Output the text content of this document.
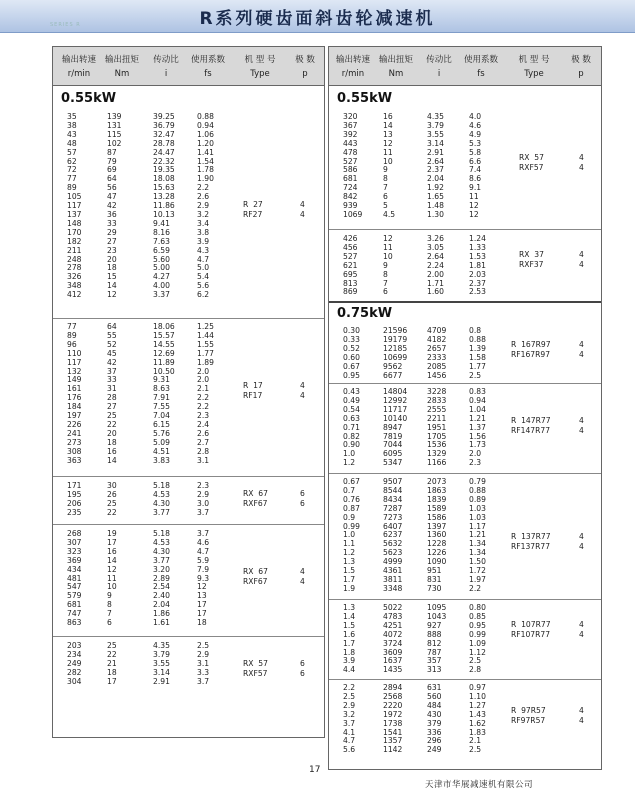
R系列硬齿面斜齿轮减速机
SERIES R
输出转速
r/min
输出扭矩
Nm
传动比
i
使用系数
fs
机 型 号
Type
极 数
p
0.55kW
35
38
43
48
57
62
72
77
89
105
117
137
148
170
182
211
248
278
326
348
412
139
131
115
102
87
79
69
64
56
47
42
36
33
29
27
23
20
18
15
14
12
39.25
36.79
32.47
28.78
24.47
22.32
19.35
18.08
15.63
13.28
11.86
10.13
9.41
8.16
7.63
6.59
5.60
5.00
4.27
4.00
3.37
0.88
0.94
1.06
1.20
1.41
1.54
1.78
1.90
2.2
2.6
2.9
3.2
3.4
3.8
3.9
4.3
4.7
5.0
5.4
5.6
6.2
R  27
RF27
4
4
77
89
96
110
117
132
149
161
176
184
197
226
241
273
308
363
64
55
52
45
42
37
33
31
28
27
25
22
20
18
16
14
18.06
15.57
14.55
12.69
11.89
10.50
9.31
8.63
7.91
7.55
7.04
6.15
5.76
5.09
4.51
3.83
1.25
1.44
1.55
1.77
1.89
2.0
2.0
2.1
2.2
2.2
2.3
2.4
2.6
2.7
2.8
3.1
R  17
RF17
4
4
171
195
206
235
30
26
25
22
5.18
4.53
4.30
3.77
2.3
2.9
3.0
3.7
RX  67
RXF67
6
6
268
307
323
369
434
481
547
579
681
747
863
19
17
16
14
12
11
10
9
8
7
6
5.18
4.53
4.30
3.77
3.20
2.89
2.54
2.40
2.04
1.86
1.61
3.7
4.6
4.7
5.9
7.9
9.3
12
13
17
17
18
RX  67
RXF67
4
4
203
234
249
282
304
25
22
21
18
17
4.35
3.79
3.55
3.14
2.91
2.5
2.9
3.1
3.3
3.7
RX  57
RXF57
6
6
输出转速
r/min
输出扭矩
Nm
传动比
i
使用系数
fs
机 型 号
Type
极 数
p
0.55kW
320
367
392
443
478
527
586
681
724
842
939
1069
16
14
13
12
11
10
9
8
7
6
5
4.5
4.35
3.79
3.55
3.14
2.91
2.64
2.37
2.04
1.92
1.65
1.48
1.30
4.0
4.6
4.9
5.3
5.8
6.6
7.4
8.6
9.1
11
12
12
RX  57
RXF57
4
4
426
456
527
621
695
813
869
12
11
10
9
8
7
6
3.26
3.05
2.64
2.24
2.00
1.71
1.60
1.24
1.33
1.53
1.81
2.03
2.37
2.53
RX  37
RXF37
4
4
0.75kW
0.30
0.33
0.52
0.60
0.67
0.95
21596
19179
12185
10699
9562
6677
4709
4182
2657
2333
2085
1456
0.8
0.88
1.39
1.58
1.77
2.5
R  167R97
RF167R97
4
4
0.43
0.49
0.54
0.63
0.71
0.82
0.90
1.0
1.2
14804
12992
11717
10140
8947
7819
7044
6095
5347
3228
2833
2555
2211
1951
1705
1536
1329
1166
0.83
0.94
1.04
1.21
1.37
1.56
1.73
2.0
2.3
R  147R77
RF147R77
4
4
0.67
0.7
0.76
0.87
0.9
0.99
1.0
1.1
1.2
1.3
1.5
1.7
1.9
9507
8544
8434
7287
7273
6407
6237
5632
5623
4999
4361
3811
3348
2073
1863
1839
1589
1586
1397
1360
1228
1226
1090
951
831
730
0.79
0.88
0.89
1.03
1.03
1.17
1.21
1.34
1.34
1.50
1.72
1.97
2.2
R  137R77
RF137R77
4
4
1.3
1.4
1.5
1.6
1.7
1.8
3.9
4.4
5022
4783
4251
4072
3724
3609
1637
1435
1095
1043
927
888
812
787
357
313
0.80
0.85
0.95
0.99
1.09
1.12
2.5
2.8
R  107R77
RF107R77
4
4
2.2
2.5
2.9
3.2
3.7
4.1
4.7
5.6
2894
2568
2220
1972
1738
1541
1357
1142
631
560
484
430
379
336
296
249
0.97
1.10
1.27
1.43
1.62
1.83
2.1
2.5
R  97R57
RF97R57
4
4
17
天津市华展减速机有限公司
